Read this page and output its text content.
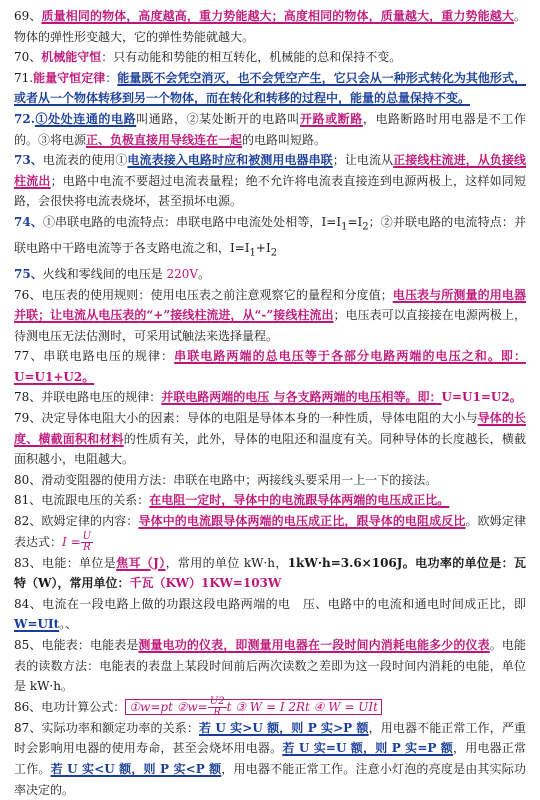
69、质量相同的物体，高度越高，重力势能越大；高度相同的物体，质量越大，重力势能越大。物体的弹性形变越大，它的弹性势能就越大。

70、机械能守恒：只有动能和势能的相互转化，机械能的总和保持不变。

71.能量守恒定律：能量既不会凭空消灭，也不会凭空产生，它只会从一种形式转化为其他形式，或者从一个物体转移到另一个物体，而在转化和转移的过程中，能量的总量保持不变。

72.①处处连通的电路叫通路，②某处断开的电路叫开路或断路，电路断路时用电器是不工作的。③将电源正、负极直接用导线连在一起的电路叫短路。

73、电流表的使用①电流表接入电路时应和被测用电器串联；让电流从正接线柱流进，从负接线柱流出；电路中电流不要超过电流表量程；绝不允许将电流表直接连到电源两极上，这样如同短路，会很快将电流表烧坏，甚至损坏电源。

74、①串联电路的电流特点：串联电路中电流处处相等，$I=I_1=I_2$；②并联电路的电流特点：并联电路中干路电流等于各支路电流之和，$I=I_1+I_2$

75、火线和零线间的电压是 220V。

76、电压表的使用规则：使用电压表之前注意观察它的量程和分度值；电压表与所测量的用电器并联；让电流从电压表的“+”接线柱流进，从“-”接线柱流出；电压表可以直接接在电源两极上，待测电压无法估测时，可采用试触法来选择量程。

77、串联电路电压的规律：串联电路两端的总电压等于各部分电路两端的电压之和。即：U=U1+U2。

78、并联电路电压的规律：并联电路两端的电压 与各支路两端的电压相等。即：U=U1=U2。

79、决定导体电阻大小的因素：导体的电阻是导体本身的一种性质，导体电阻的大小与导体的长度、横截面积和材料的性质有关，此外，导体的电阻还和温度有关。同种导体的长度越长，横截面积越小，电阻越大。

80、滑动变阻器的使用方法：串联在电路中；两接线头要采用一上一下的接法。

81、电流跟电压的关系：在电阻一定时，导体中的电流跟导体两端的电压成正比。

82、欧姆定律的内容：导体中的电流跟导体两端的电压成正比，跟导体的电阻成反比。欧姆定律表达式：$I = \frac{U}{R}$

83、电能：单位是焦耳（J），常用的单位 kW·h，1kW·h=3.6×106J。电功率的单位是：瓦特（W），常用单位：千瓦（KW）1KW=103W

84、电流在一段电路上做的功跟这段电路两端的电　压、电路中的电流和通电时间成正比，即W=UIt。、

85、电能表：电能表是测量电功的仪表，即测量用电器在一段时间内消耗电能多少的仪表。电能表的读数方法：电能表的表盘上某段时间前后两次读数之差即为这一段时间内消耗的电能，单位是 kW·h。

86、电功计算公式： ①w=pt ②w= $\frac{U2}{R}$ t ③ W = I 2Rt ④ W = UIt

87、实际功率和额定功率的关系：若 U 实>U 额，则 P 实>P 额，用电器不能正常工作，严重时会影响用电器的使用寿命，甚至会烧坏用电器。若 U 实=U 额，则 P 实=P 额，用电器正常工作。若 U 实<U 额，则 P 实<P 额，用电器不能正常工作。注意小灯泡的亮度是由其实际功率决定的。
